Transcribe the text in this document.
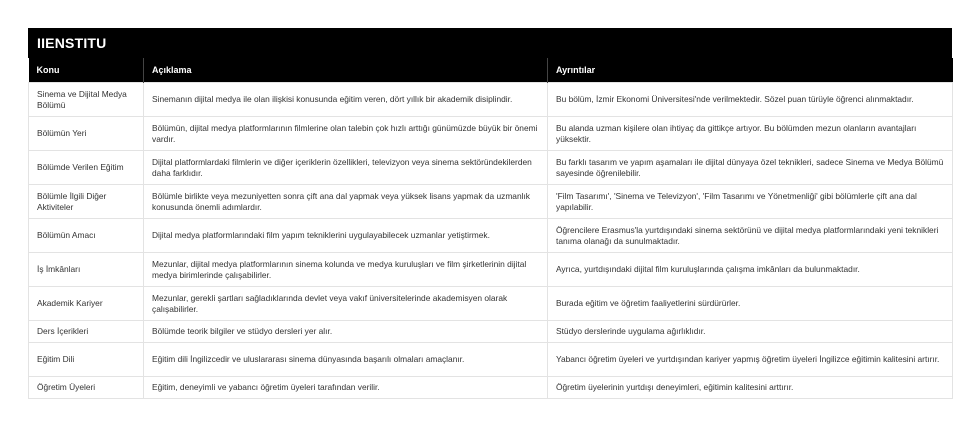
IIENSTITU
Konu	Açıklama	Ayrıntılar
Sinema ve Dijital Medya Bölümü	Sinemanın dijital medya ile olan ilişkisi konusunda eğitim veren, dört yıllık bir akademik disiplindir.	Bu bölüm, İzmir Ekonomi Üniversitesi'nde verilmektedir. Sözel puan türüyle öğrenci alınmaktadır.
Bölümün Yeri	Bölümün, dijital medya platformlarının filmlerine olan talebin çok hızlı arttığı günümüzde büyük bir önemi vardır.	Bu alanda uzman kişilere olan ihtiyaç da gittikçe artıyor. Bu bölümden mezun olanların avantajları yüksektir.
Bölümde Verilen Eğitim	Dijital platformlardaki filmlerin ve diğer içeriklerin özellikleri, televizyon veya sinema sektöründekilerden daha farklıdır.	Bu farklı tasarım ve yapım aşamaları ile dijital dünyaya özel teknikleri, sadece Sinema ve Medya Bölümü sayesinde öğrenilebilir.
Bölümle İlgili Diğer Aktiviteler	Bölümle birlikte veya mezuniyetten sonra çift ana dal yapmak veya yüksek lisans yapmak da uzmanlık konusunda önemli adımlardır.	'Film Tasarımı', 'Sinema ve Televizyon', 'Film Tasarımı ve Yönetmenliği' gibi bölümlerle çift ana dal yapılabilir.
Bölümün Amacı	Dijital medya platformlarındaki film yapım tekniklerini uygulayabilecek uzmanlar yetiştirmek.	Öğrencilere Erasmus'la yurtdışındaki sinema sektörünü ve dijital medya platformlarındaki yeni teknikleri tanıma olanağı da sunulmaktadır.
İş İmkânları	Mezunlar, dijital medya platformlarının sinema kolunda ve medya kuruluşları ve film şirketlerinin dijital medya birimlerinde çalışabilirler.	Ayrıca, yurtdışındaki dijital film kuruluşlarında çalışma imkânları da bulunmaktadır.
Akademik Kariyer	Mezunlar, gerekli şartları sağladıklarında devlet veya vakıf üniversitelerinde akademisyen olarak çalışabilirler.	Burada eğitim ve öğretim faaliyetlerini sürdürürler.
Ders İçerikleri	Bölümde teorik bilgiler ve stüdyo dersleri yer alır.	Stüdyo derslerinde uygulama ağırlıklıdır.
Eğitim Dili	Eğitim dili İngilizcedir ve uluslararası sinema dünyasında başarılı olmaları amaçlanır.	Yabancı öğretim üyeleri ve yurtdışından kariyer yapmış öğretim üyeleri İngilizce eğitimin kalitesini artırır.
Öğretim Üyeleri	Eğitim, deneyimli ve yabancı öğretim üyeleri tarafından verilir.	Öğretim üyelerinin yurtdışı deneyimleri, eğitimin kalitesini arttırır.
